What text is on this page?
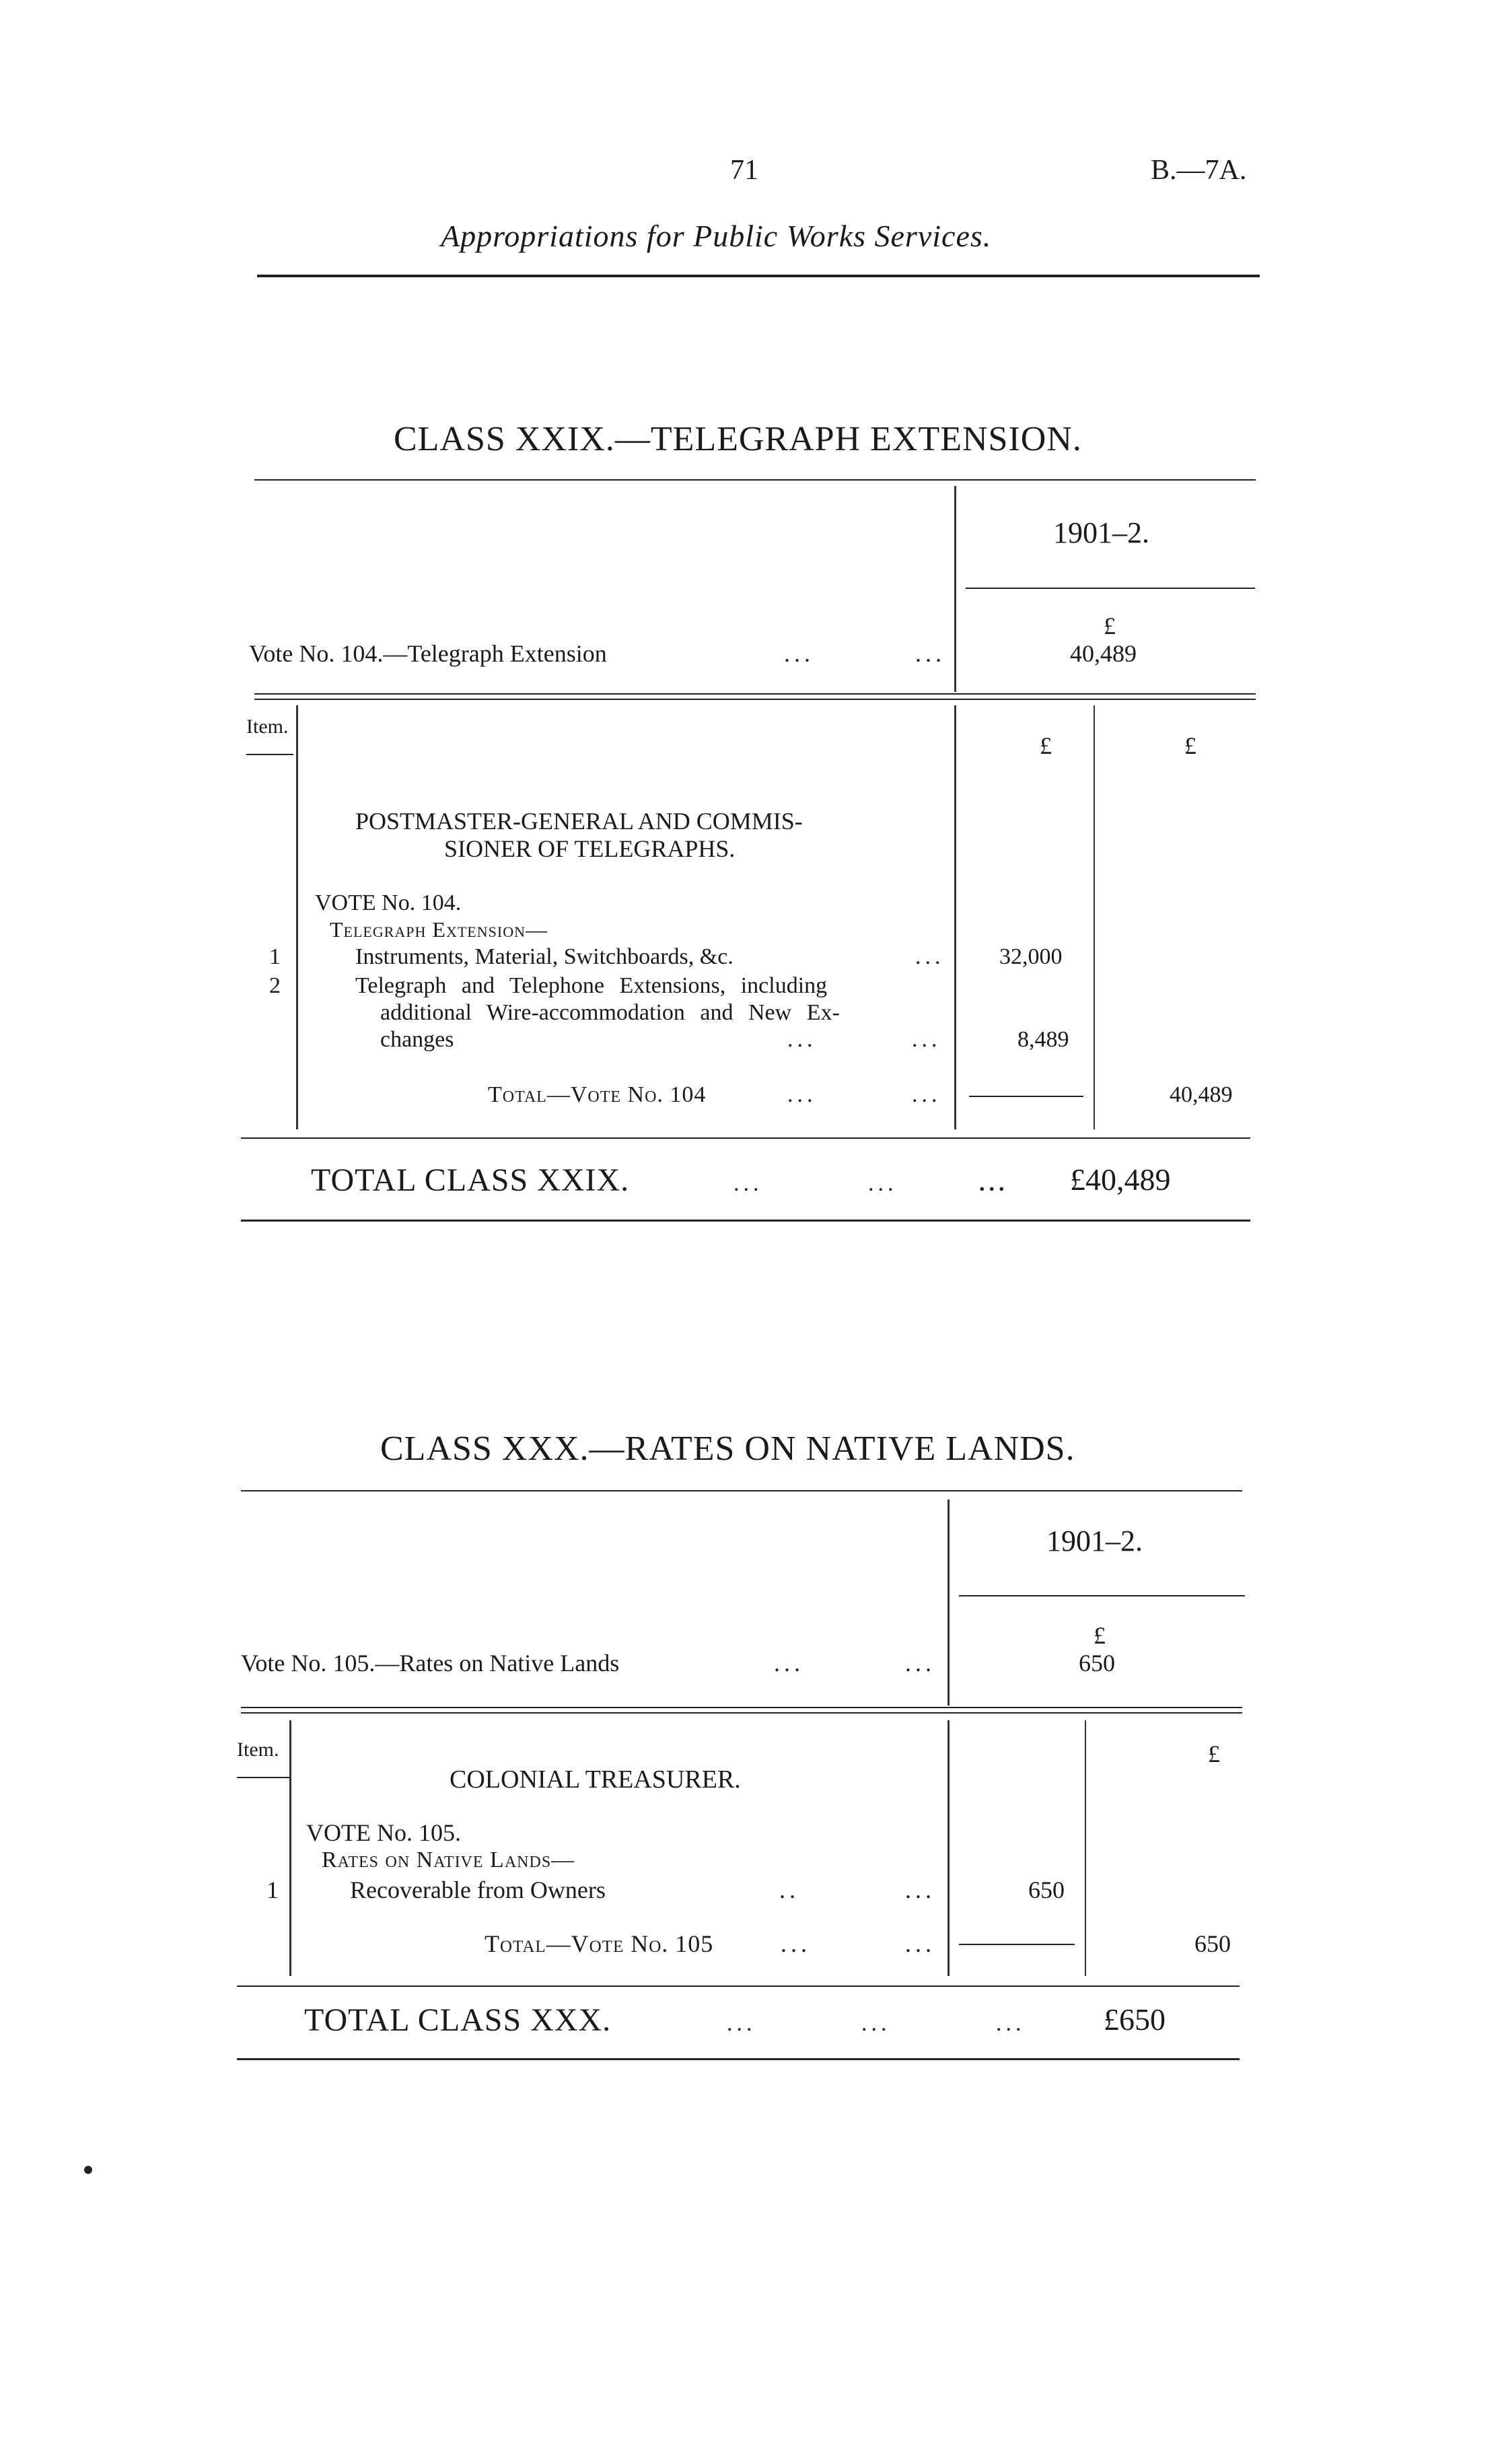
71	B.—7A.
Appropriations for Public Works Services.
CLASS XXIX.—TELEGRAPH EXTENSION.
1901–2.
Vote No. 104.—Telegraph Extension	...	...
£
40,489
Item.
£	£
POSTMASTER-GENERAL AND COMMIS-
SIONER OF TELEGRAPHS.
VOTE No. 104.
Telegraph Extension—
1	Instruments, Material, Switchboards, &c.	... 32,000
2	Telegraph and Telephone Extensions, including
additional Wire-accommodation and New Ex-
changes	...	...	8,489
Total—Vote No. 104	...	...	40,489
TOTAL CLASS XXIX.	...	...	... £40,489
CLASS XXX.—RATES ON NATIVE LANDS.
1901–2.
Vote No. 105.—Rates on Native Lands	...	...
£
650
Item.	£
COLONIAL TREASURER.
VOTE No. 105.
Rates on Native Lands—
1	Recoverable from Owners	..	...	650
Total—Vote No. 105	...	...	650
TOTAL CLASS XXX.	...	...	...	£650
